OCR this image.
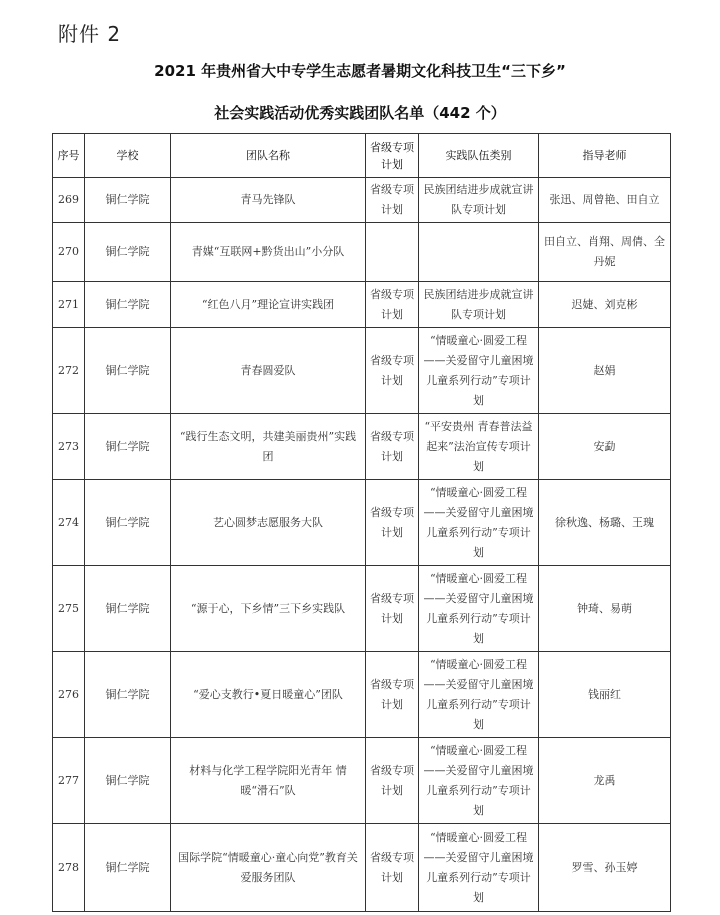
附件 2
2021 年贵州省大中专学生志愿者暑期文化科技卫生“三下乡”
社会实践活动优秀实践团队名单（442 个）
序号	学校	团队名称	省级专项计划	实践队伍类别	指导老师
269	铜仁学院	青马先锋队	省级专项计划	民族团结进步成就宣讲队专项计划	张迅、周曾艳、田自立
270	铜仁学院	青媒“互联网+黔货出山”小分队			田自立、肖翔、周倩、全丹妮
271	铜仁学院	“红色八月”理论宣讲实践团	省级专项计划	民族团结进步成就宣讲队专项计划	迟婕、刘克彬
272	铜仁学院	青春圆爱队	省级专项计划	“情暖童心·圆爱工程——关爱留守儿童困境儿童系列行动”专项计划	赵娟
273	铜仁学院	“践行生态文明，共建美丽贵州”实践团	省级专项计划	“平安贵州 青春普法益起来”法治宣传专项计划	安勐
274	铜仁学院	艺心圆梦志愿服务大队	省级专项计划	“情暖童心·圆爱工程——关爱留守儿童困境儿童系列行动”专项计划	徐秋逸、杨璐、王瑰
275	铜仁学院	“源于心，下乡情”三下乡实践队	省级专项计划	“情暖童心·圆爱工程——关爱留守儿童困境儿童系列行动”专项计划	钟琦、易萌
276	铜仁学院	“爱心支教行•夏日暖童心”团队	省级专项计划	“情暖童心·圆爱工程——关爱留守儿童困境儿童系列行动”专项计划	钱丽红
277	铜仁学院	材料与化学工程学院阳光青年 情暖“滑石”队	省级专项计划	“情暖童心·圆爱工程——关爱留守儿童困境儿童系列行动”专项计划	龙禹
278	铜仁学院	国际学院“情暖童心·童心向党”教育关爱服务团队	省级专项计划	“情暖童心·圆爱工程——关爱留守儿童困境儿童系列行动”专项计划	罗雪、孙玉婷
